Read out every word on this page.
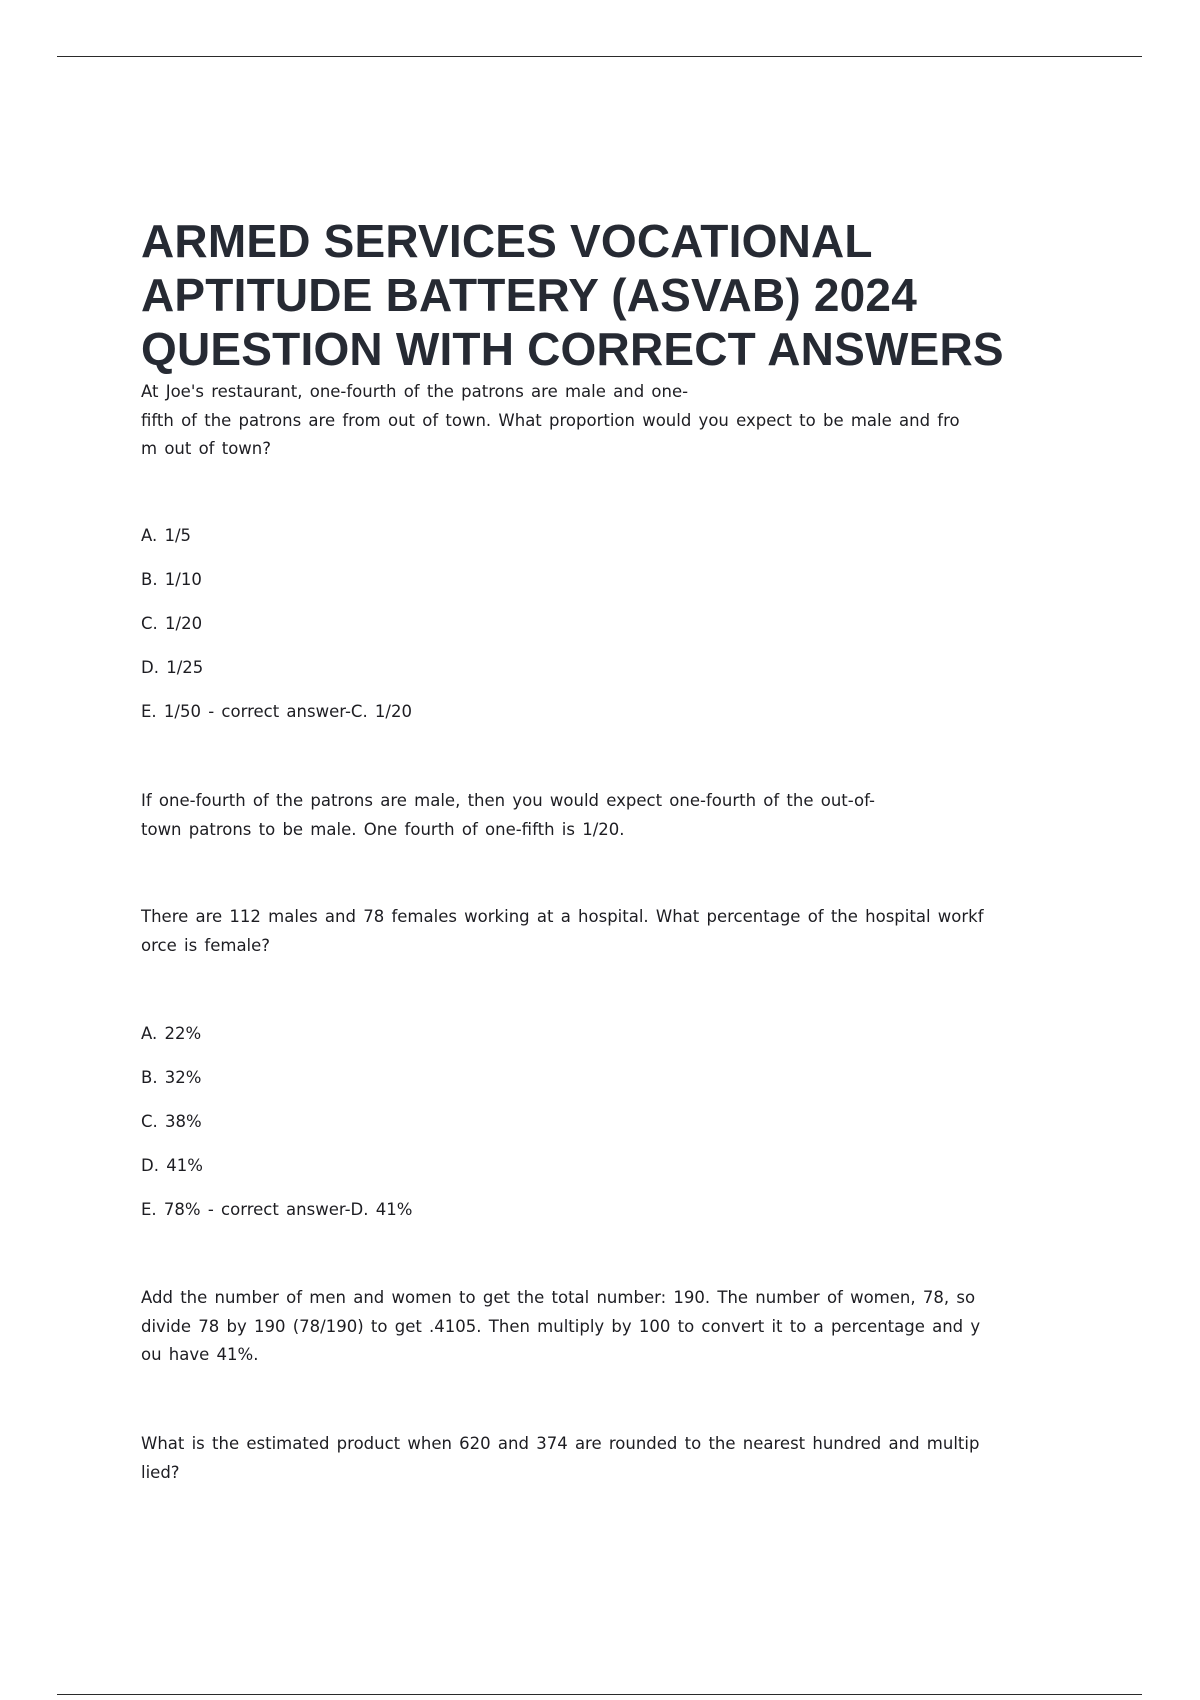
ARMED SERVICES VOCATIONAL
APTITUDE BATTERY (ASVAB) 2024
QUESTION WITH CORRECT ANSWERS

At Joe's restaurant, one-fourth of the patrons are male and one-
fifth of the patrons are from out of town. What proportion would you expect to be male and fro
m out of town?

A. 1/5

B. 1/10

C. 1/20

D. 1/25

E. 1/50 - correct answer-C. 1/20

If one-fourth of the patrons are male, then you would expect one-fourth of the out-of-
town patrons to be male. One fourth of one-fifth is 1/20.

There are 112 males and 78 females working at a hospital. What percentage of the hospital workf
orce is female?

A. 22%

B. 32%

C. 38%

D. 41%

E. 78% - correct answer-D. 41%

Add the number of men and women to get the total number: 190. The number of women, 78, so
divide 78 by 190 (78/190) to get .4105. Then multiply by 100 to convert it to a percentage and y
ou have 41%.

What is the estimated product when 620 and 374 are rounded to the nearest hundred and multip
lied?
